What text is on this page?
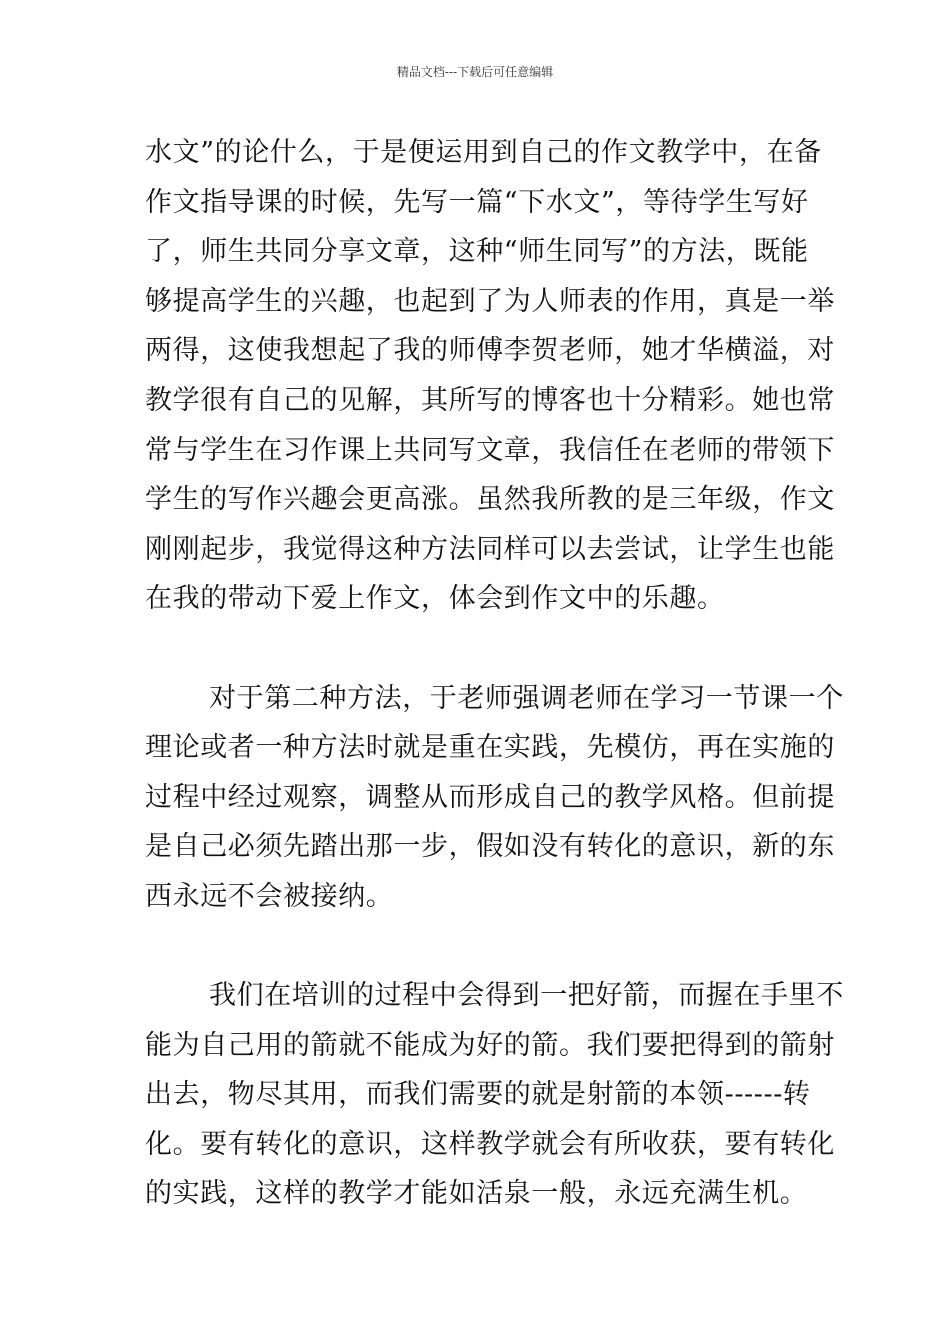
精品文档---下载后可任意编辑
水文”的论什么，于是便运用到自己的作文教学中，在备
作文指导课的时候，先写一篇“下水文”，等待学生写好
了，师生共同分享文章，这种“师生同写”的方法，既能
够提高学生的兴趣，也起到了为人师表的作用，真是一举
两得，这使我想起了我的师傅李贺老师，她才华横溢，对
教学很有自己的见解，其所写的博客也十分精彩。她也常
常与学生在习作课上共同写文章，我信任在老师的带领下
学生的写作兴趣会更高涨。虽然我所教的是三年级，作文
刚刚起步，我觉得这种方法同样可以去尝试，让学生也能
在我的带动下爱上作文，体会到作文中的乐趣。
对于第二种方法，于老师强调老师在学习一节课一个
理论或者一种方法时就是重在实践，先模仿，再在实施的
过程中经过观察，调整从而形成自己的教学风格。但前提
是自己必须先踏出那一步，假如没有转化的意识，新的东
西永远不会被接纳。
我们在培训的过程中会得到一把好箭，而握在手里不
能为自己用的箭就不能成为好的箭。我们要把得到的箭射
出去，物尽其用，而我们需要的就是射箭的本领------转
化。要有转化的意识，这样教学就会有所收获，要有转化
的实践，这样的教学才能如活泉一般，永远充满生机。
